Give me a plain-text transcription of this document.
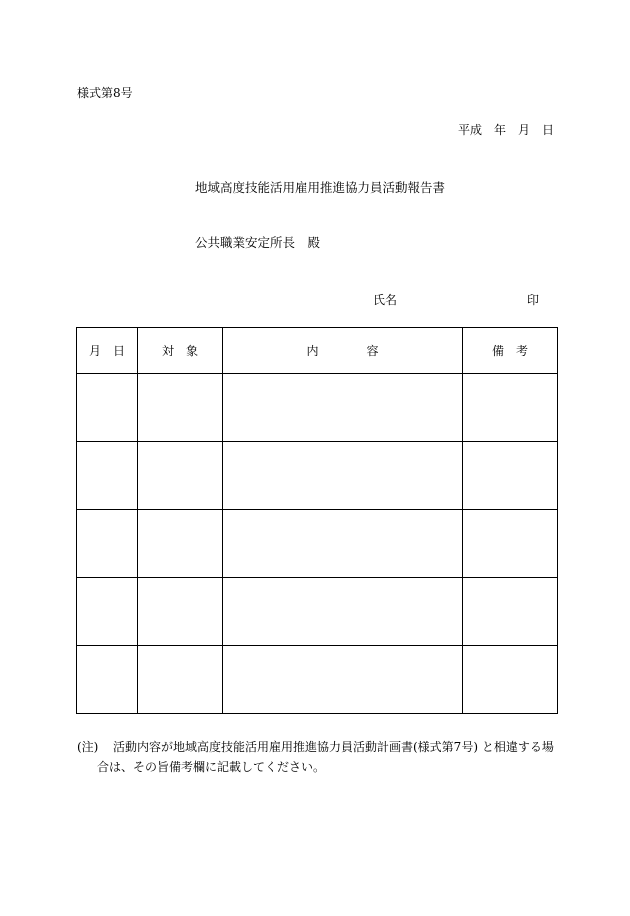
様式第8号
平成　年　月　日
地域高度技能活用雇用推進協力員活動報告書
公共職業安定所長　殿
氏名	印
月　日	対　象	内　　　　容	備　考

(注) 活動内容が地域高度技能活用雇用推進協力員活動計画書(様式第7号) と相違する場
合は、その旨備考欄に記載してください。
